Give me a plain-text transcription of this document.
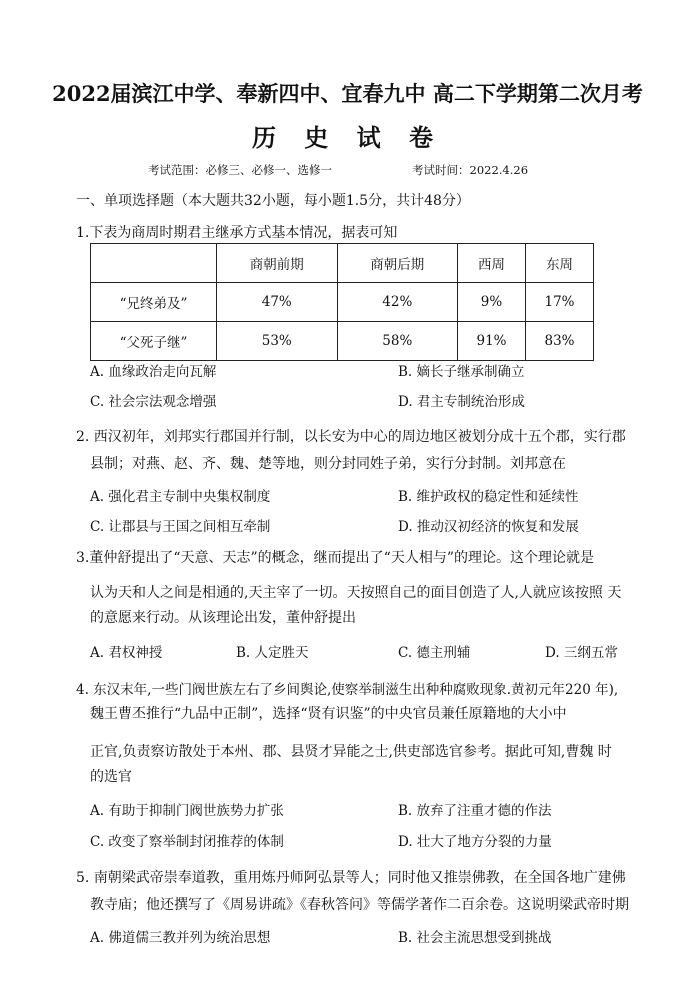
2022届滨江中学、奉新四中、宜春九中 高二下学期第二次月考
历 史 试 卷
考试范围：必修三、必修一、选修一	考试时间：2022.4.26
一、单项选择题（本大题共32小题，每小题1.5分，共计48分）
1.下表为商周时期君主继承方式基本情况，据表可知
	商朝前期	商朝后期	西周	东周
“兄终弟及”	47%	42%	9%	17%
“父死子继”	53%	58%	91%	83%
A. 血缘政治走向瓦解	B. 嫡长子继承制确立
C. 社会宗法观念增强	D. 君主专制统治形成
2. 西汉初年，刘邦实行郡国并行制，以长安为中心的周边地区被划分成十五个郡，实行郡
县制；对燕、赵、齐、魏、楚等地，则分封同姓子弟，实行分封制。刘邦意在
A. 强化君主专制中央集权制度	B. 维护政权的稳定性和延续性
C. 让郡县与王国之间相互牵制	D. 推动汉初经济的恢复和发展
3.董仲舒提出了“天意、天志”的概念，继而提出了“天人相与”的理论。这个理论就是
认为天和人之间是相通的,天主宰了一切。天按照自己的面目创造了人,人就应该按照 天
的意愿来行动。从该理论出发，董仲舒提出
A. 君权神授	B. 人定胜天	C. 德主刑辅	D. 三纲五常
4. 东汉末年,一些门阀世族左右了乡间舆论,使察举制滋生出种种腐败现象.黄初元年220 年),
魏王曹丕推行“九品中正制”，选择“贤有识鉴”的中央官员兼任原籍地的大小中
正官,负责察访散处于本州、郡、县贤才异能之士,供吏部选官参考。据此可知,曹魏 时
的选官
A. 有助于抑制门阀世族势力扩张	B. 放弃了注重才德的作法
C. 改变了察举制封闭推荐的体制	D. 壮大了地方分裂的力量
5. 南朝梁武帝崇奉道教，重用炼丹师阿弘景等人；同时他又推崇佛教，在全国各地广建佛
教寺庙；他还撰写了《周易讲疏》《春秋答问》等儒学著作二百余卷。这说明梁武帝时期
A. 佛道儒三教并列为统治思想	B. 社会主流思想受到挑战
